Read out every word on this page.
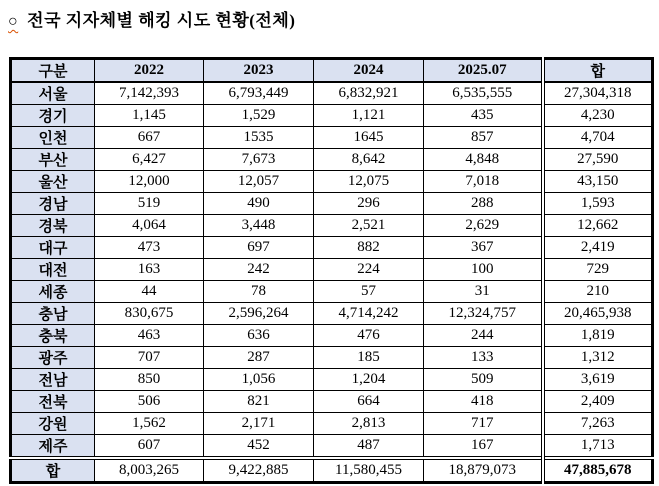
○ 전국 지자체별 해킹 시도 현황(전체)
구분	2022	2023	2024	2025.07	합
서울	7,142,393	6,793,449	6,832,921	6,535,555	27,304,318
경기	1,145	1,529	1,121	435	4,230
인천	667	1535	1645	857	4,704
부산	6,427	7,673	8,642	4,848	27,590
울산	12,000	12,057	12,075	7,018	43,150
경남	519	490	296	288	1,593
경북	4,064	3,448	2,521	2,629	12,662
대구	473	697	882	367	2,419
대전	163	242	224	100	729
세종	44	78	57	31	210
충남	830,675	2,596,264	4,714,242	12,324,757	20,465,938
충북	463	636	476	244	1,819
광주	707	287	185	133	1,312
전남	850	1,056	1,204	509	3,619
전북	506	821	664	418	2,409
강원	1,562	2,171	2,813	717	7,263
제주	607	452	487	167	1,713
합	8,003,265	9,422,885	11,580,455	18,879,073	47,885,678
